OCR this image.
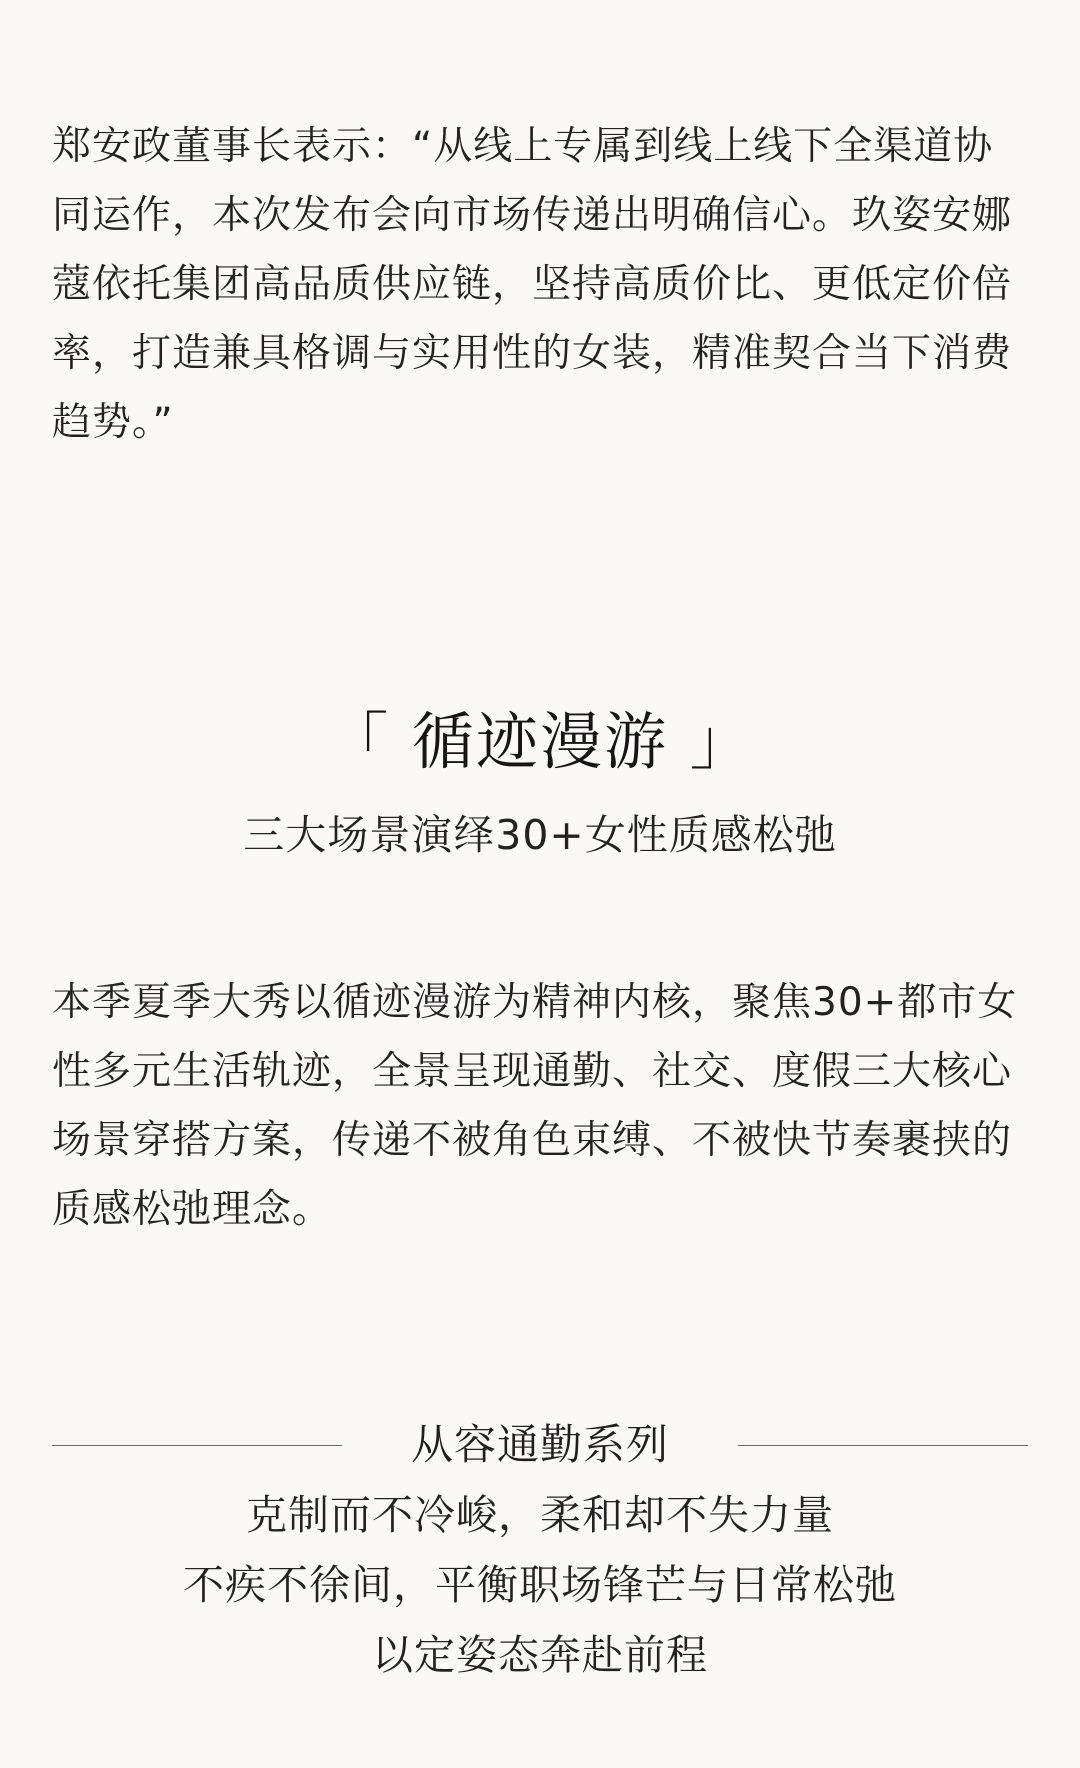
郑安政董事长表示：“从线上专属到线上线下全渠道协同运作，本次发布会向市场传递出明确信心。玖姿安娜蔻依托集团高品质供应链，坚持高质价比、更低定价倍率，打造兼具格调与实用性的女装，精准契合当下消费趋势。”

「 循迹漫游 」
三大场景演绎30+女性质感松弛

本季夏季大秀以循迹漫游为精神内核，聚焦30+都市女性多元生活轨迹，全景呈现通勤、社交、度假三大核心场景穿搭方案，传递不被角色束缚、不被快节奏裹挟的质感松弛理念。

从容通勤系列
克制而不冷峻，柔和却不失力量
不疾不徐间，平衡职场锋芒与日常松弛
以定姿态奔赴前程
